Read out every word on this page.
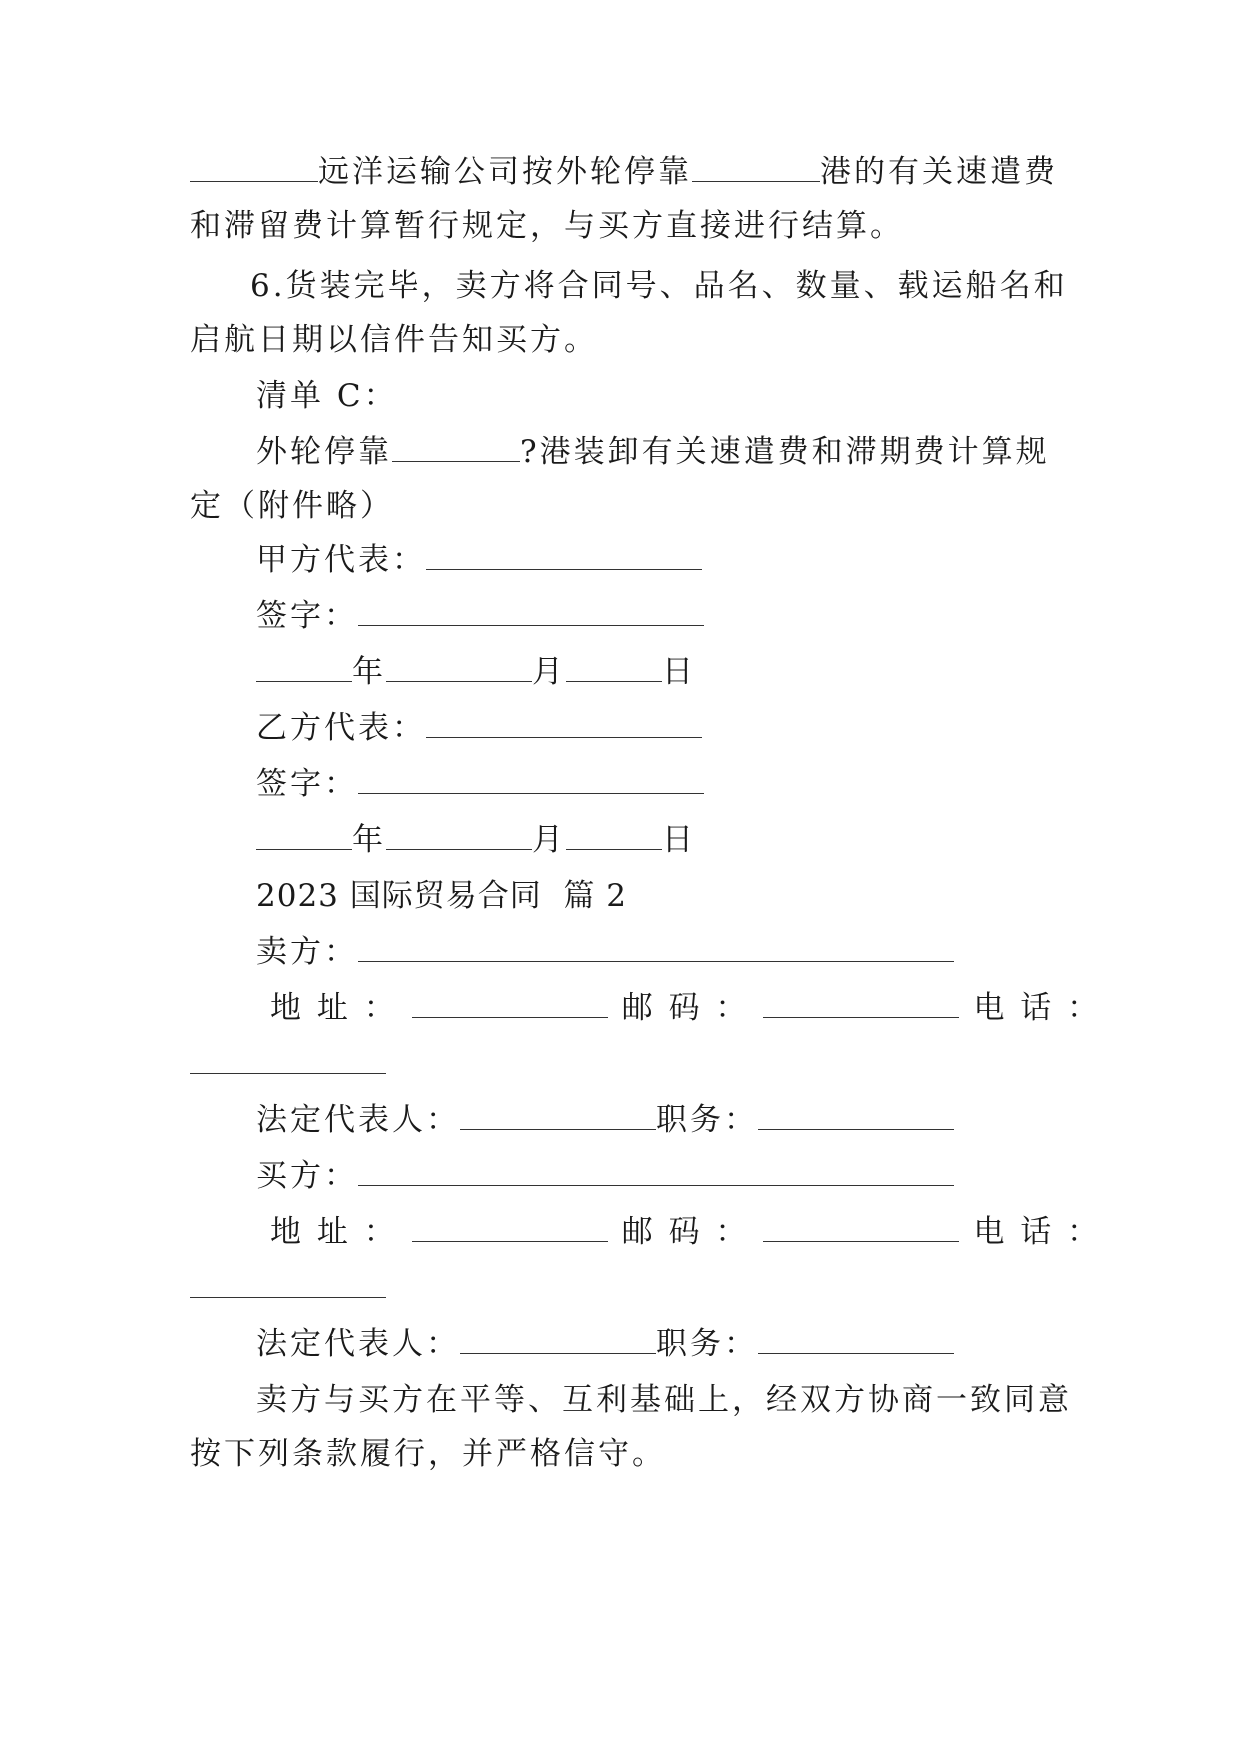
远洋运输公司按外轮停靠	港的有关速遣费
和滞留费计算暂行规定，与买方直接进行结算。
6.货装完毕，卖方将合同号、品名、数量、载运船名和
启航日期以信件告知买方。
清单 C：
外轮停靠	?港装卸有关速遣费和滞期费计算规
定（附件略）
甲方代表：
签字：
年	月	日
乙方代表：
签字：
年	月	日
2023 国际贸易合同  篇 2
卖方：
地 址 ：	邮 码 ：	电 话 ：
法定代表人：	职务：
买方：
地 址 ：	邮 码 ：	电 话 ：
法定代表人：	职务：
卖方与买方在平等、互利基础上，经双方协商一致同意
按下列条款履行，并严格信守。
